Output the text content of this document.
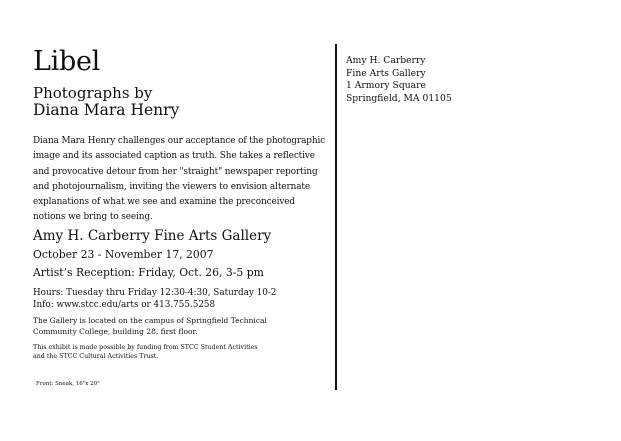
Libel
Photographs by
Diana Mara Henry
Diana Mara Henry challenges our acceptance of the photographic
image and its associated caption as truth. She takes a reflective
and provocative detour from her "straight" newspaper reporting
and photojournalism, inviting the viewers to envision alternate
explanations of what we see and examine the preconceived
notions we bring to seeing.
Amy H. Carberry Fine Arts Gallery
October 23 - November 17, 2007
Artist’s Reception: Friday, Oct. 26, 3-5 pm
Hours: Tuesday thru Friday 12:30-4:30, Saturday 10-2
Info: www.stcc.edu/arts or 413.755.5258
The Gallery is located on the campus of Springfield Technical
Community College, building 28, first floor.
This exhibit is made possible by funding from STCC Student Activities
and the STCC Cultural Activities Trust.
Front: Sneak, 16"x 20"
Amy H. Carberry
Fine Arts Gallery
1 Armory Square
Springfield, MA 01105
